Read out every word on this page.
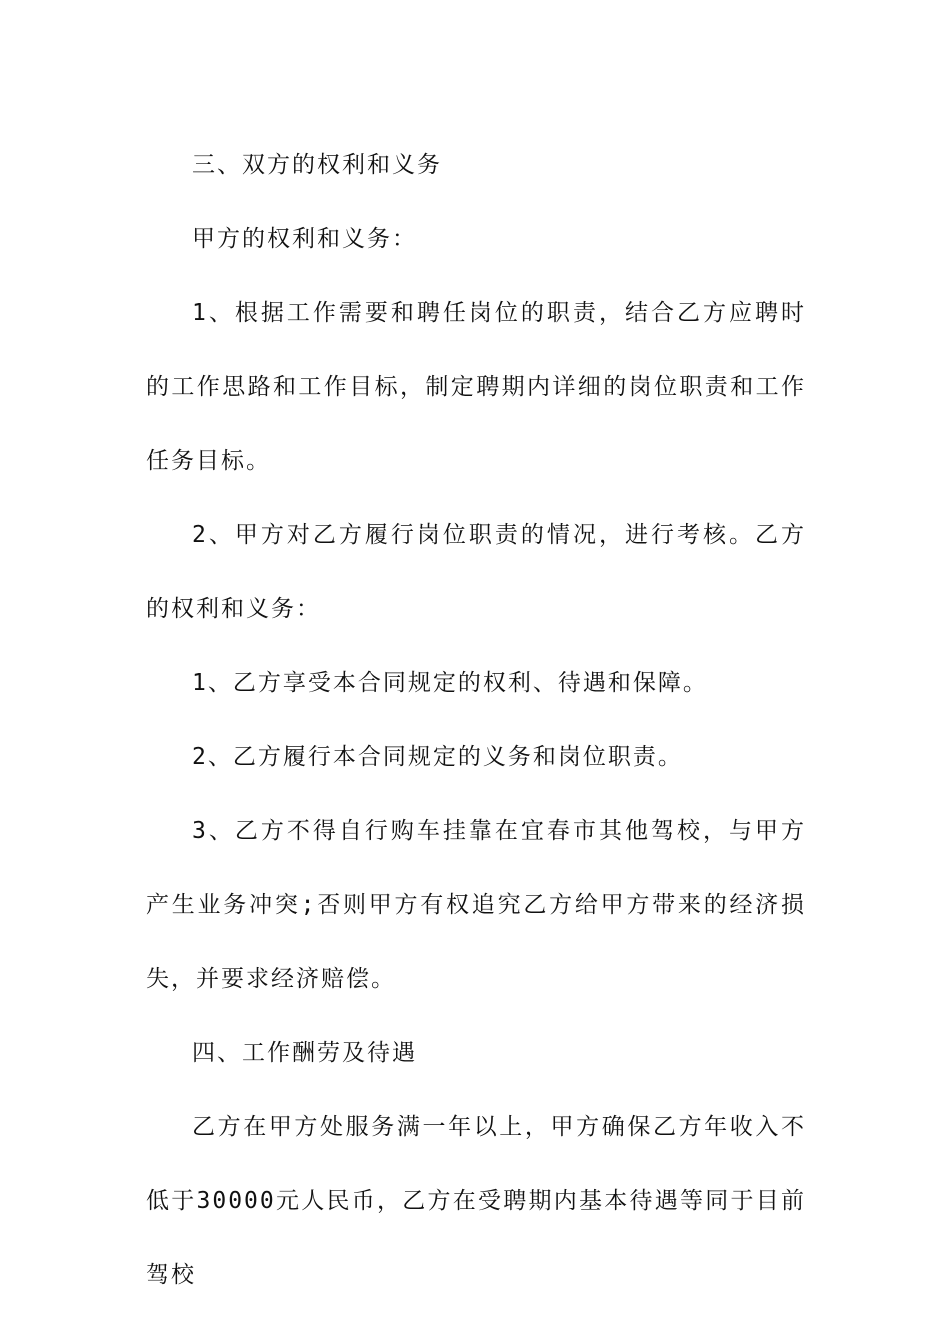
三、双方的权利和义务

甲方的权利和义务：

1、根据工作需要和聘任岗位的职责，结合乙方应聘时的工作思路和工作目标，制定聘期内详细的岗位职责和工作任务目标。

2、甲方对乙方履行岗位职责的情况，进行考核。乙方的权利和义务：

1、乙方享受本合同规定的权利、待遇和保障。

2、乙方履行本合同规定的义务和岗位职责。

3、乙方不得自行购车挂靠在宜春市其他驾校，与甲方产生业务冲突;否则甲方有权追究乙方给甲方带来的经济损失，并要求经济赔偿。

四、工作酬劳及待遇

乙方在甲方处服务满一年以上，甲方确保乙方年收入不低于30000元人民币，乙方在受聘期内基本待遇等同于目前驾校
